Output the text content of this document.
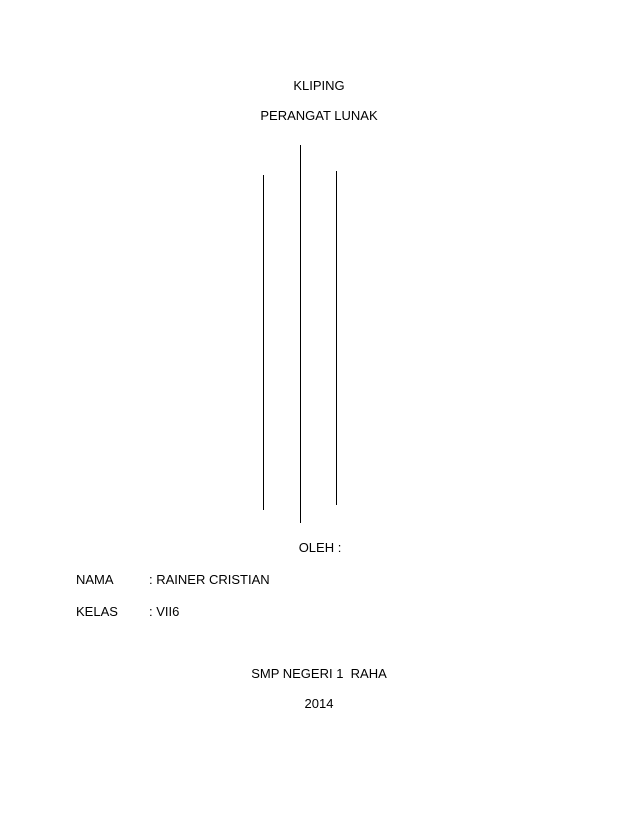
KLIPING
PERANGAT LUNAK
OLEH :

NAMA

	: RAINER CRISTIAN

KELAS

: VII6

SMP NEGERI 1  RAHA
2014
